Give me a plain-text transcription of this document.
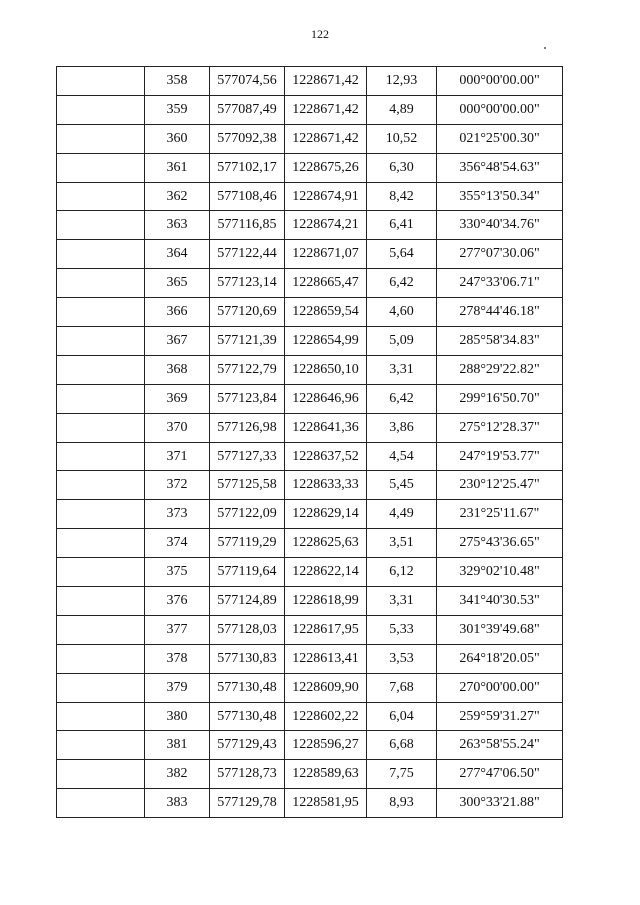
122
	358	577074,56	1228671,42	12,93	000°00'00.00"
	359	577087,49	1228671,42	4,89	000°00'00.00"
	360	577092,38	1228671,42	10,52	021°25'00.30"
	361	577102,17	1228675,26	6,30	356°48'54.63"
	362	577108,46	1228674,91	8,42	355°13'50.34"
	363	577116,85	1228674,21	6,41	330°40'34.76"
	364	577122,44	1228671,07	5,64	277°07'30.06"
	365	577123,14	1228665,47	6,42	247°33'06.71"
	366	577120,69	1228659,54	4,60	278°44'46.18"
	367	577121,39	1228654,99	5,09	285°58'34.83"
	368	577122,79	1228650,10	3,31	288°29'22.82"
	369	577123,84	1228646,96	6,42	299°16'50.70"
	370	577126,98	1228641,36	3,86	275°12'28.37"
	371	577127,33	1228637,52	4,54	247°19'53.77"
	372	577125,58	1228633,33	5,45	230°12'25.47"
	373	577122,09	1228629,14	4,49	231°25'11.67"
	374	577119,29	1228625,63	3,51	275°43'36.65"
	375	577119,64	1228622,14	6,12	329°02'10.48"
	376	577124,89	1228618,99	3,31	341°40'30.53"
	377	577128,03	1228617,95	5,33	301°39'49.68"
	378	577130,83	1228613,41	3,53	264°18'20.05"
	379	577130,48	1228609,90	7,68	270°00'00.00"
	380	577130,48	1228602,22	6,04	259°59'31.27"
	381	577129,43	1228596,27	6,68	263°58'55.24"
	382	577128,73	1228589,63	7,75	277°47'06.50"
	383	577129,78	1228581,95	8,93	300°33'21.88"
